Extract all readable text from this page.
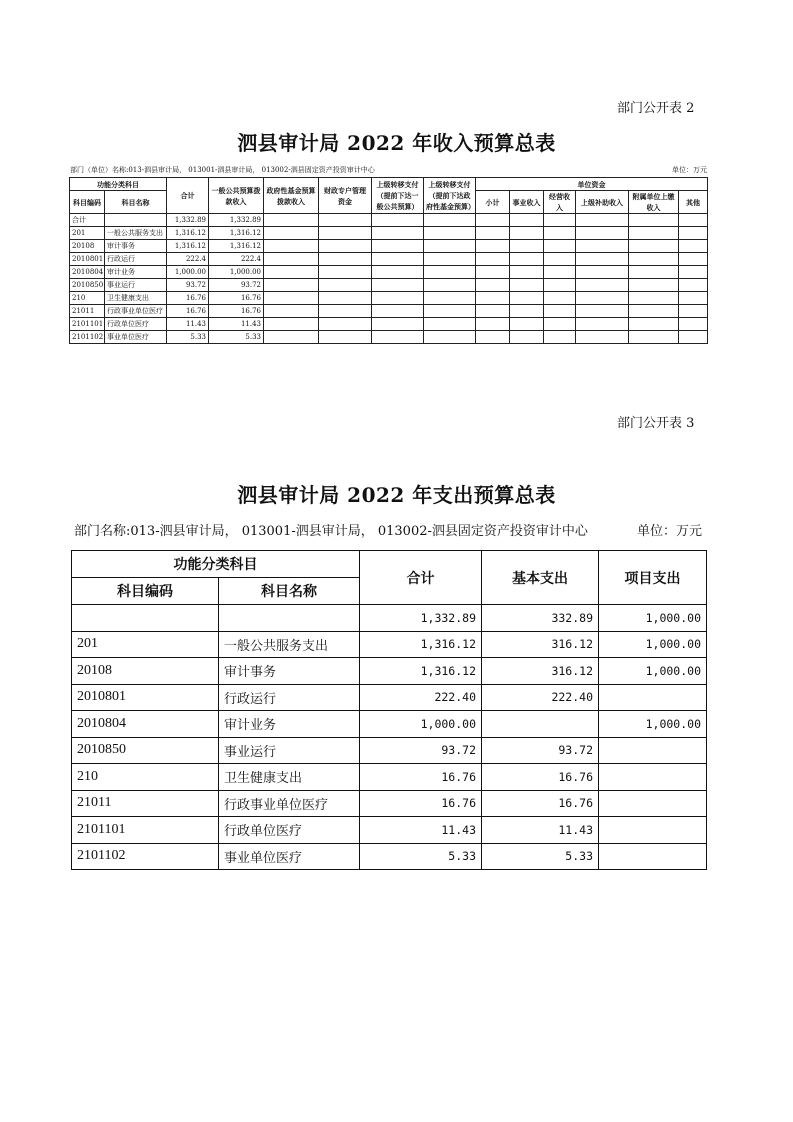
部门公开表 2
泗县审计局 2022 年收入预算总表
部门（单位）名称:013-泗县审计局， 013001-泗县审计局， 013002-泗县固定资产投资审计中心	单位：万元
功能分类科目		合计	一般公共预算拨款收入	政府性基金预算拨款收入	财政专户管理资金	上级转移支付（提前下达一般公共预算）	上级转移支付（提前下达政府性基金预算）	单位资金					
科目编码	科目名称							小计	事业收入	经营收入	上级补助收入	附属单位上缴收入	其他

合计		1,332.89	1,332.89										
201	一般公共服务支出	1,316.12	1,316.12										
20108	审计事务	1,316.12	1,316.12										
2010801	行政运行	222.4	222.4										
2010804	审计业务	1,000.00	1,000.00										
2010850	事业运行	93.72	93.72										
210	卫生健康支出	16.76	16.76										
21011	行政事业单位医疗	16.76	16.76										
2101101	行政单位医疗	11.43	11.43										
2101102	事业单位医疗	5.33	5.33										
部门公开表 3
泗县审计局 2022 年支出预算总表
部门名称:013-泗县审计局， 013001-泗县审计局， 013002-泗县固定资产投资审计中心	单位：万元
功能分类科目		合计	基本支出	项目支出
科目编码	科目名称			
		1,332.89	332.89	1,000.00
201	一般公共服务支出	1,316.12	316.12	1,000.00
20108	审计事务	1,316.12	316.12	1,000.00
2010801	行政运行	222.40	222.40	
2010804	审计业务	1,000.00		1,000.00
2010850	事业运行	93.72	93.72	
210	卫生健康支出	16.76	16.76	
21011	行政事业单位医疗	16.76	16.76	
2101101	行政单位医疗	11.43	11.43	
2101102	事业单位医疗	5.33	5.33	
